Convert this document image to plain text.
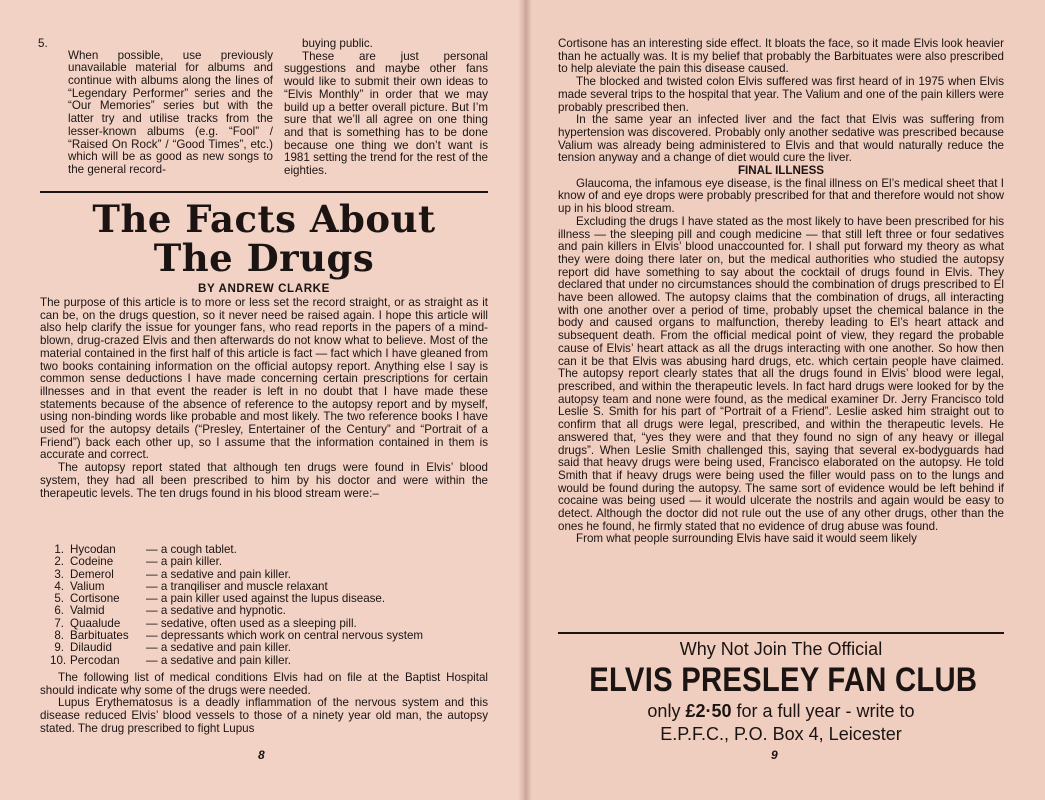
5.

When possible, use previously unavailable material for albums and continue with albums along the lines of “Legendary Performer” series and the “Our Memories” series but with the latter try and utilise tracks from the lesser-known albums (e.g. “Fool” / “Raised On Rock” / “Good Times”, etc.) which will be as good as new songs to the general record-

buying public.

These are just personal suggestions and maybe other fans would like to submit their own ideas to “Elvis Monthly” in order that we may build up a better overall picture. But I’m sure that we’ll all agree on one thing and that is something has to be done because one thing we don’t want is 1981 setting the trend for the rest of the eighties.

The Facts About
The Drugs
BY ANDREW CLARKE

The purpose of this article is to more or less set the record straight, or as straight as it can be, on the drugs question, so it never need be raised again. I hope this article will also help clarify the issue for younger fans, who read reports in the papers of a mind-blown, drug-crazed Elvis and then afterwards do not know what to believe. Most of the material contained in the first half of this article is fact — fact which I have gleaned from two books containing information on the official autopsy report. Anything else I say is common sense deductions I have made concerning certain prescriptions for certain illnesses and in that event the reader is left in no doubt that I have made these statements because of the absence of reference to the autopsy report and by myself, using non-binding words like probable and most likely. The two reference books I have used for the autopsy details (“Presley, Entertainer of the Century” and “Portrait of a Friend”) back each other up, so I assume that the information contained in them is accurate and correct.

The autopsy report stated that although ten drugs were found in Elvis’ blood system, they had all been prescribed to him by his doctor and were within the therapeutic levels. The ten drugs found in his blood stream were:–

1. Hycodan	— a cough tablet.
2. Codeine	— a pain killer.
3. Demerol	— a sedative and pain killer.
4. Valium	— a tranqiliser and muscle relaxant
5. Cortisone — a pain killer used against the lupus disease.
6. Valmid	— a sedative and hypnotic.
7. Quaalude — sedative, often used as a sleeping pill.
8. Barbituates — depressants which work on central nervous system
9. Dilaudid	— a sedative and pain killer.
10. Percodan — a sedative and pain killer.

The following list of medical conditions Elvis had on file at the Baptist Hospital should indicate why some of the drugs were needed.

Lupus Erythematosus is a deadly inflammation of the nervous system and this disease reduced Elvis’ blood vessels to those of a ninety year old man, the autopsy stated. The drug prescribed to fight Lupus

8

Cortisone has an interesting side effect. It bloats the face, so it made Elvis look heavier than he actually was. It is my belief that probably the Barbituates were also prescribed to help aleviate the pain this disease caused.

The blocked and twisted colon Elvis suffered was first heard of in 1975 when Elvis made several trips to the hospital that year. The Valium and one of the pain killers were probably prescribed then.

In the same year an infected liver and the fact that Elvis was suffering from hypertension was discovered. Probably only another sedative was prescribed because Valium was already being administered to Elvis and that would naturally reduce the tension anyway and a change of diet would cure the liver.

FINAL ILLNESS

Glaucoma, the infamous eye disease, is the final illness on El’s medical sheet that I know of and eye drops were probably prescribed for that and therefore would not show up in his blood stream.

Excluding the drugs I have stated as the most likely to have been prescribed for his illness — the sleeping pill and cough medicine — that still left three or four sedatives and pain killers in Elvis’ blood unaccounted for. I shall put forward my theory as what they were doing there later on, but the medical authorities who studied the autopsy report did have something to say about the cocktail of drugs found in Elvis. They declared that under no circumstances should the combination of drugs prescribed to El have been allowed. The autopsy claims that the combination of drugs, all interacting with one another over a period of time, probably upset the chemical balance in the body and caused organs to malfunction, thereby leading to El’s heart attack and subsequent death. From the official medical point of view, they regard the probable cause of Elvis’ heart attack as all the drugs interacting with one another. So how then can it be that Elvis was abusing hard drugs, etc. which certain people have claimed. The autopsy report clearly states that all the drugs found in Elvis’ blood were legal, prescribed, and within the therapeutic levels. In fact hard drugs were looked for by the autopsy team and none were found, as the medical examiner Dr. Jerry Francisco told Leslie S. Smith for his part of “Portrait of a Friend”. Leslie asked him straight out to confirm that all drugs were legal, prescribed, and within the therapeutic levels. He answered that, “yes they were and that they found no sign of any heavy or illegal drugs”. When Leslie Smith challenged this, saying that several ex-bodyguards had said that heavy drugs were being used, Francisco elaborated on the autopsy. He told Smith that if heavy drugs were being used the filler would pass on to the lungs and would be found during the autopsy. The same sort of evidence would be left behind if cocaine was being used — it would ulcerate the nostrils and again would be easy to detect. Although the doctor did not rule out the use of any other drugs, other than the ones he found, he firmly stated that no evidence of drug abuse was found.

From what people surrounding Elvis have said it would seem likely

Why Not Join The Official
ELVIS PRESLEY FAN CLUB
only £2·50 for a full year - write to
E.P.F.C., P.O. Box 4, Leicester
9
